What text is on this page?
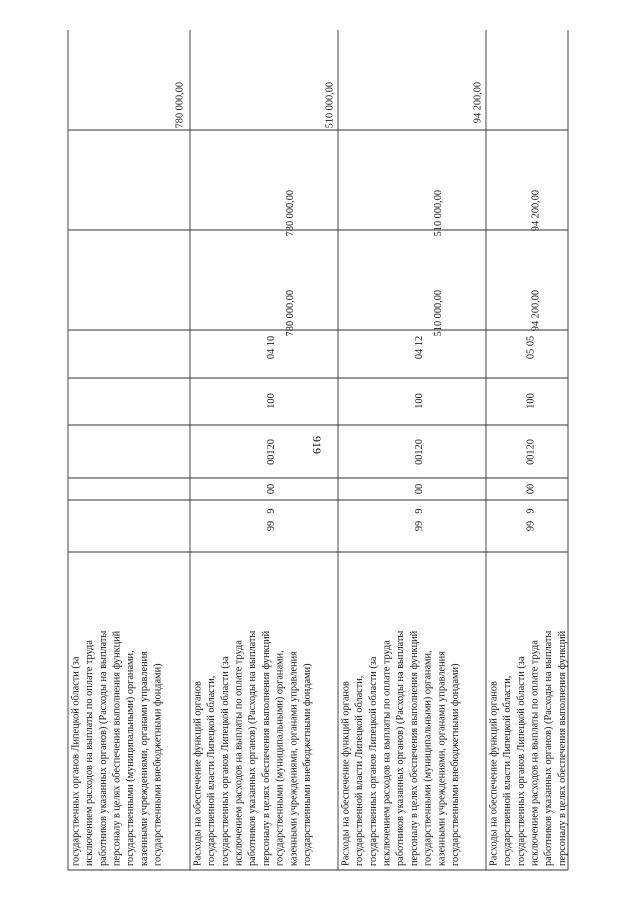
919
государственных органов Липецкой области (за исключением расходов на выплаты по оплате труда работников указанных органов) (Расходы на выплаты персоналу в целях обеспечения выполнения функций государственными (муниципальными) органами, казенными учреждениями, органами управления государственными внебюджетными фондами)
780 000,00
Расходы на обеспечение функций органов государственной власти Липецкой области, государственных органов Липецкой области (за исключением расходов на выплаты по оплате труда работников указанных органов) (Расходы на выплаты персоналу в целях обеспечения выполнения функций государственными (муниципальными) органами, казенными учреждениями, органами управления государственными внебюджетными фондами)
99
9
00
00120
100
04
10
780 000,00
780 000,00
510 000,00
Расходы на обеспечение функций органов государственной власти Липецкой области, государственных органов Липецкой области (за исключением расходов на выплаты по оплате труда работников указанных органов) (Расходы на выплаты персоналу в целях обеспечения выполнения функций государственными (муниципальными) органами, казенными учреждениями, органами управления государственными внебюджетными фондами)
99
9
00
00120
100
04
12
510 000,00
510 000,00
94 200,00
Расходы на обеспечение функций органов государственной власти Липецкой области, государственных органов Липецкой области (за исключением расходов на выплаты по оплате труда работников указанных органов) (Расходы на выплаты персоналу в целях обеспечения выполнения функций
99
9
00
00120
100
05
05
94 200,00
94 200,00
